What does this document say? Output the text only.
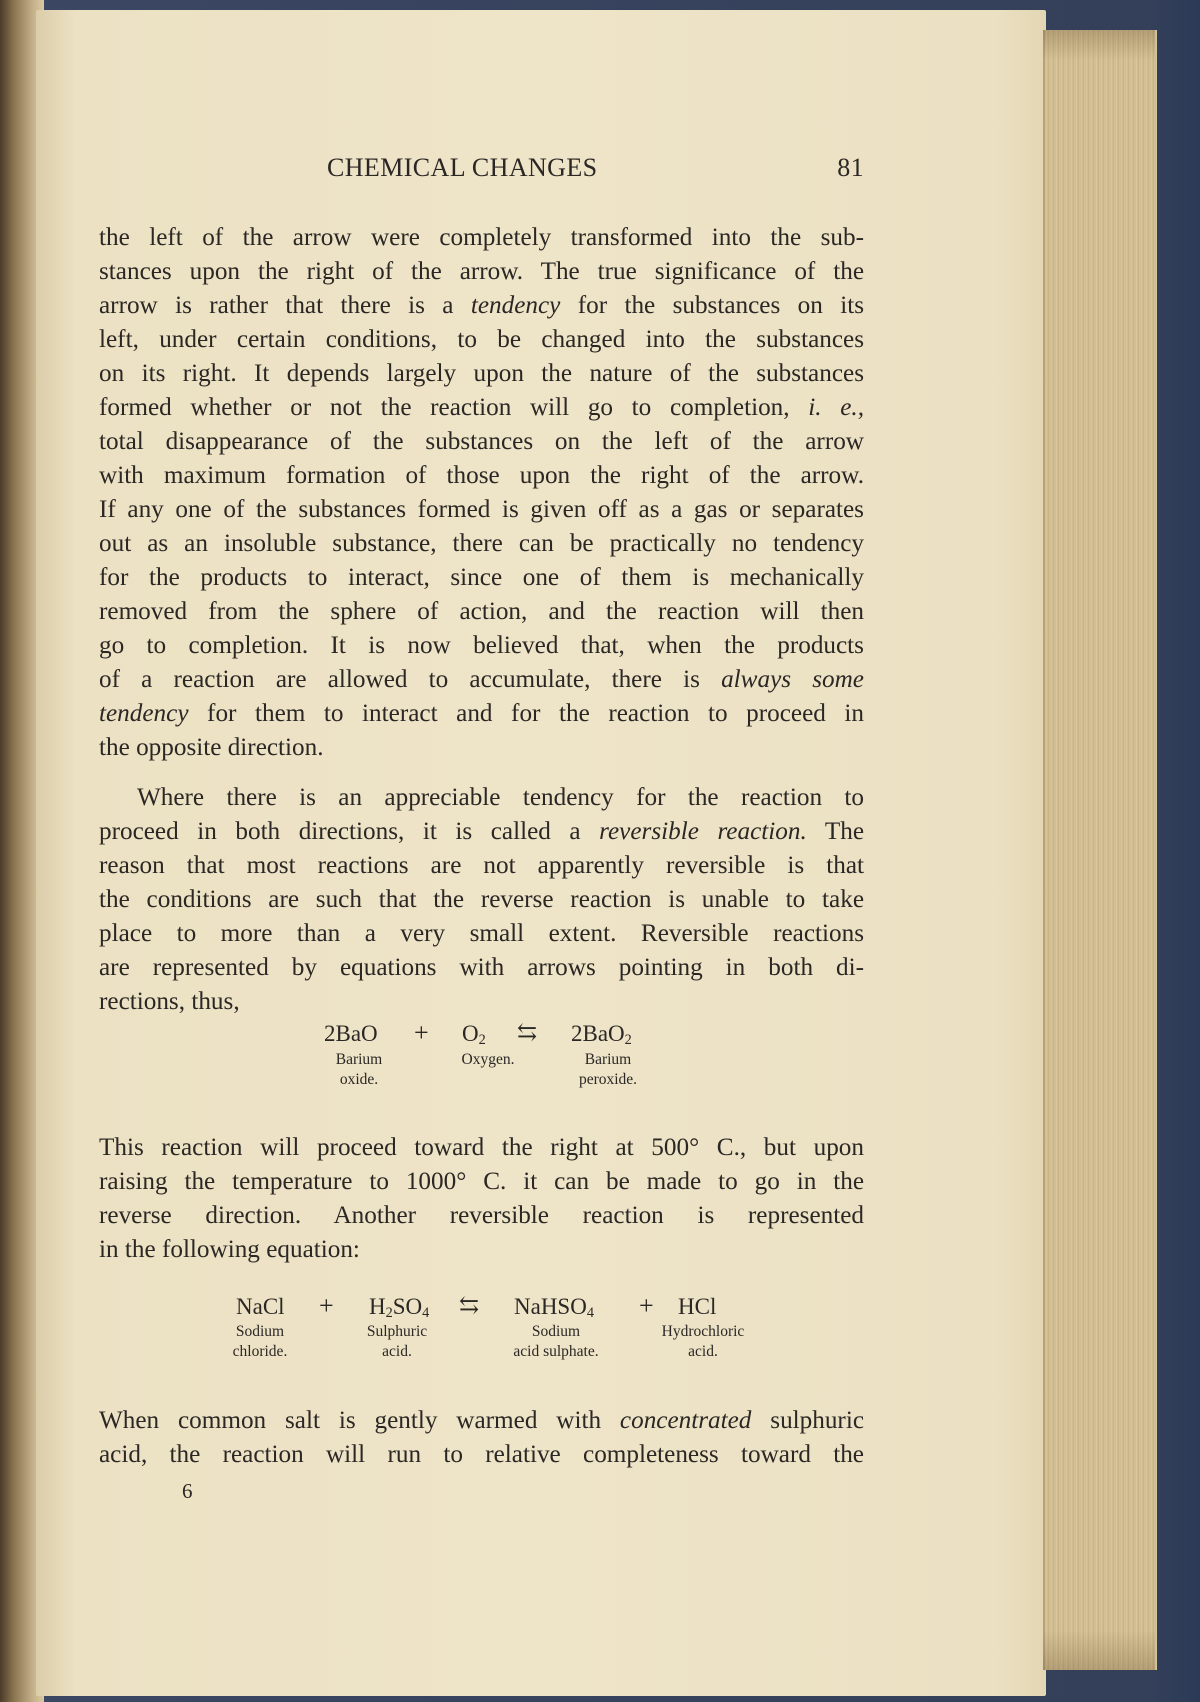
CHEMICAL CHANGES	81
the left of the arrow were completely transformed into the sub-
stances upon the right of the arrow. The true significance of the
arrow is rather that there is a tendency for the substances on its
left, under certain conditions, to be changed into the substances
on its right. It depends largely upon the nature of the substances
formed whether or not the reaction will go to completion, i. e.,
total disappearance of the substances on the left of the arrow
with maximum formation of those upon the right of the arrow.
If any one of the substances formed is given off as a gas or separates
out as an insoluble substance, there can be practically no tendency
for the products to interact, since one of them is mechanically
removed from the sphere of action, and the reaction will then
go to completion. It is now believed that, when the products
of a reaction are allowed to accumulate, there is always some
tendency for them to interact and for the reaction to proceed in
the opposite direction.
Where there is an appreciable tendency for the reaction to
proceed in both directions, it is called a reversible reaction. The
reason that most reactions are not apparently reversible is that
the conditions are such that the reverse reaction is unable to take
place to more than a very small extent. Reversible reactions
are represented by equations with arrows pointing in both di-
rections, thus,
$2BaO + O_2$ ⇆ 2BaO$_2$
Barium
oxide.
Oxygen.	Barium
peroxide.
This reaction will proceed toward the right at 500° C., but upon
raising the temperature to 1000° C. it can be made to go in the
reverse direction. Another reversible reaction is represented
in the following equation:
NaCl + $H_2SO_4$ ⇆ NaHSO$_4$ + HCl
Sodium
chloride.
Sulphuric
acid.
Sodium
acid sulphate.
Hydrochloric
acid.
When common salt is gently warmed with concentrated sulphuric
acid, the reaction will run to relative completeness toward the
6
